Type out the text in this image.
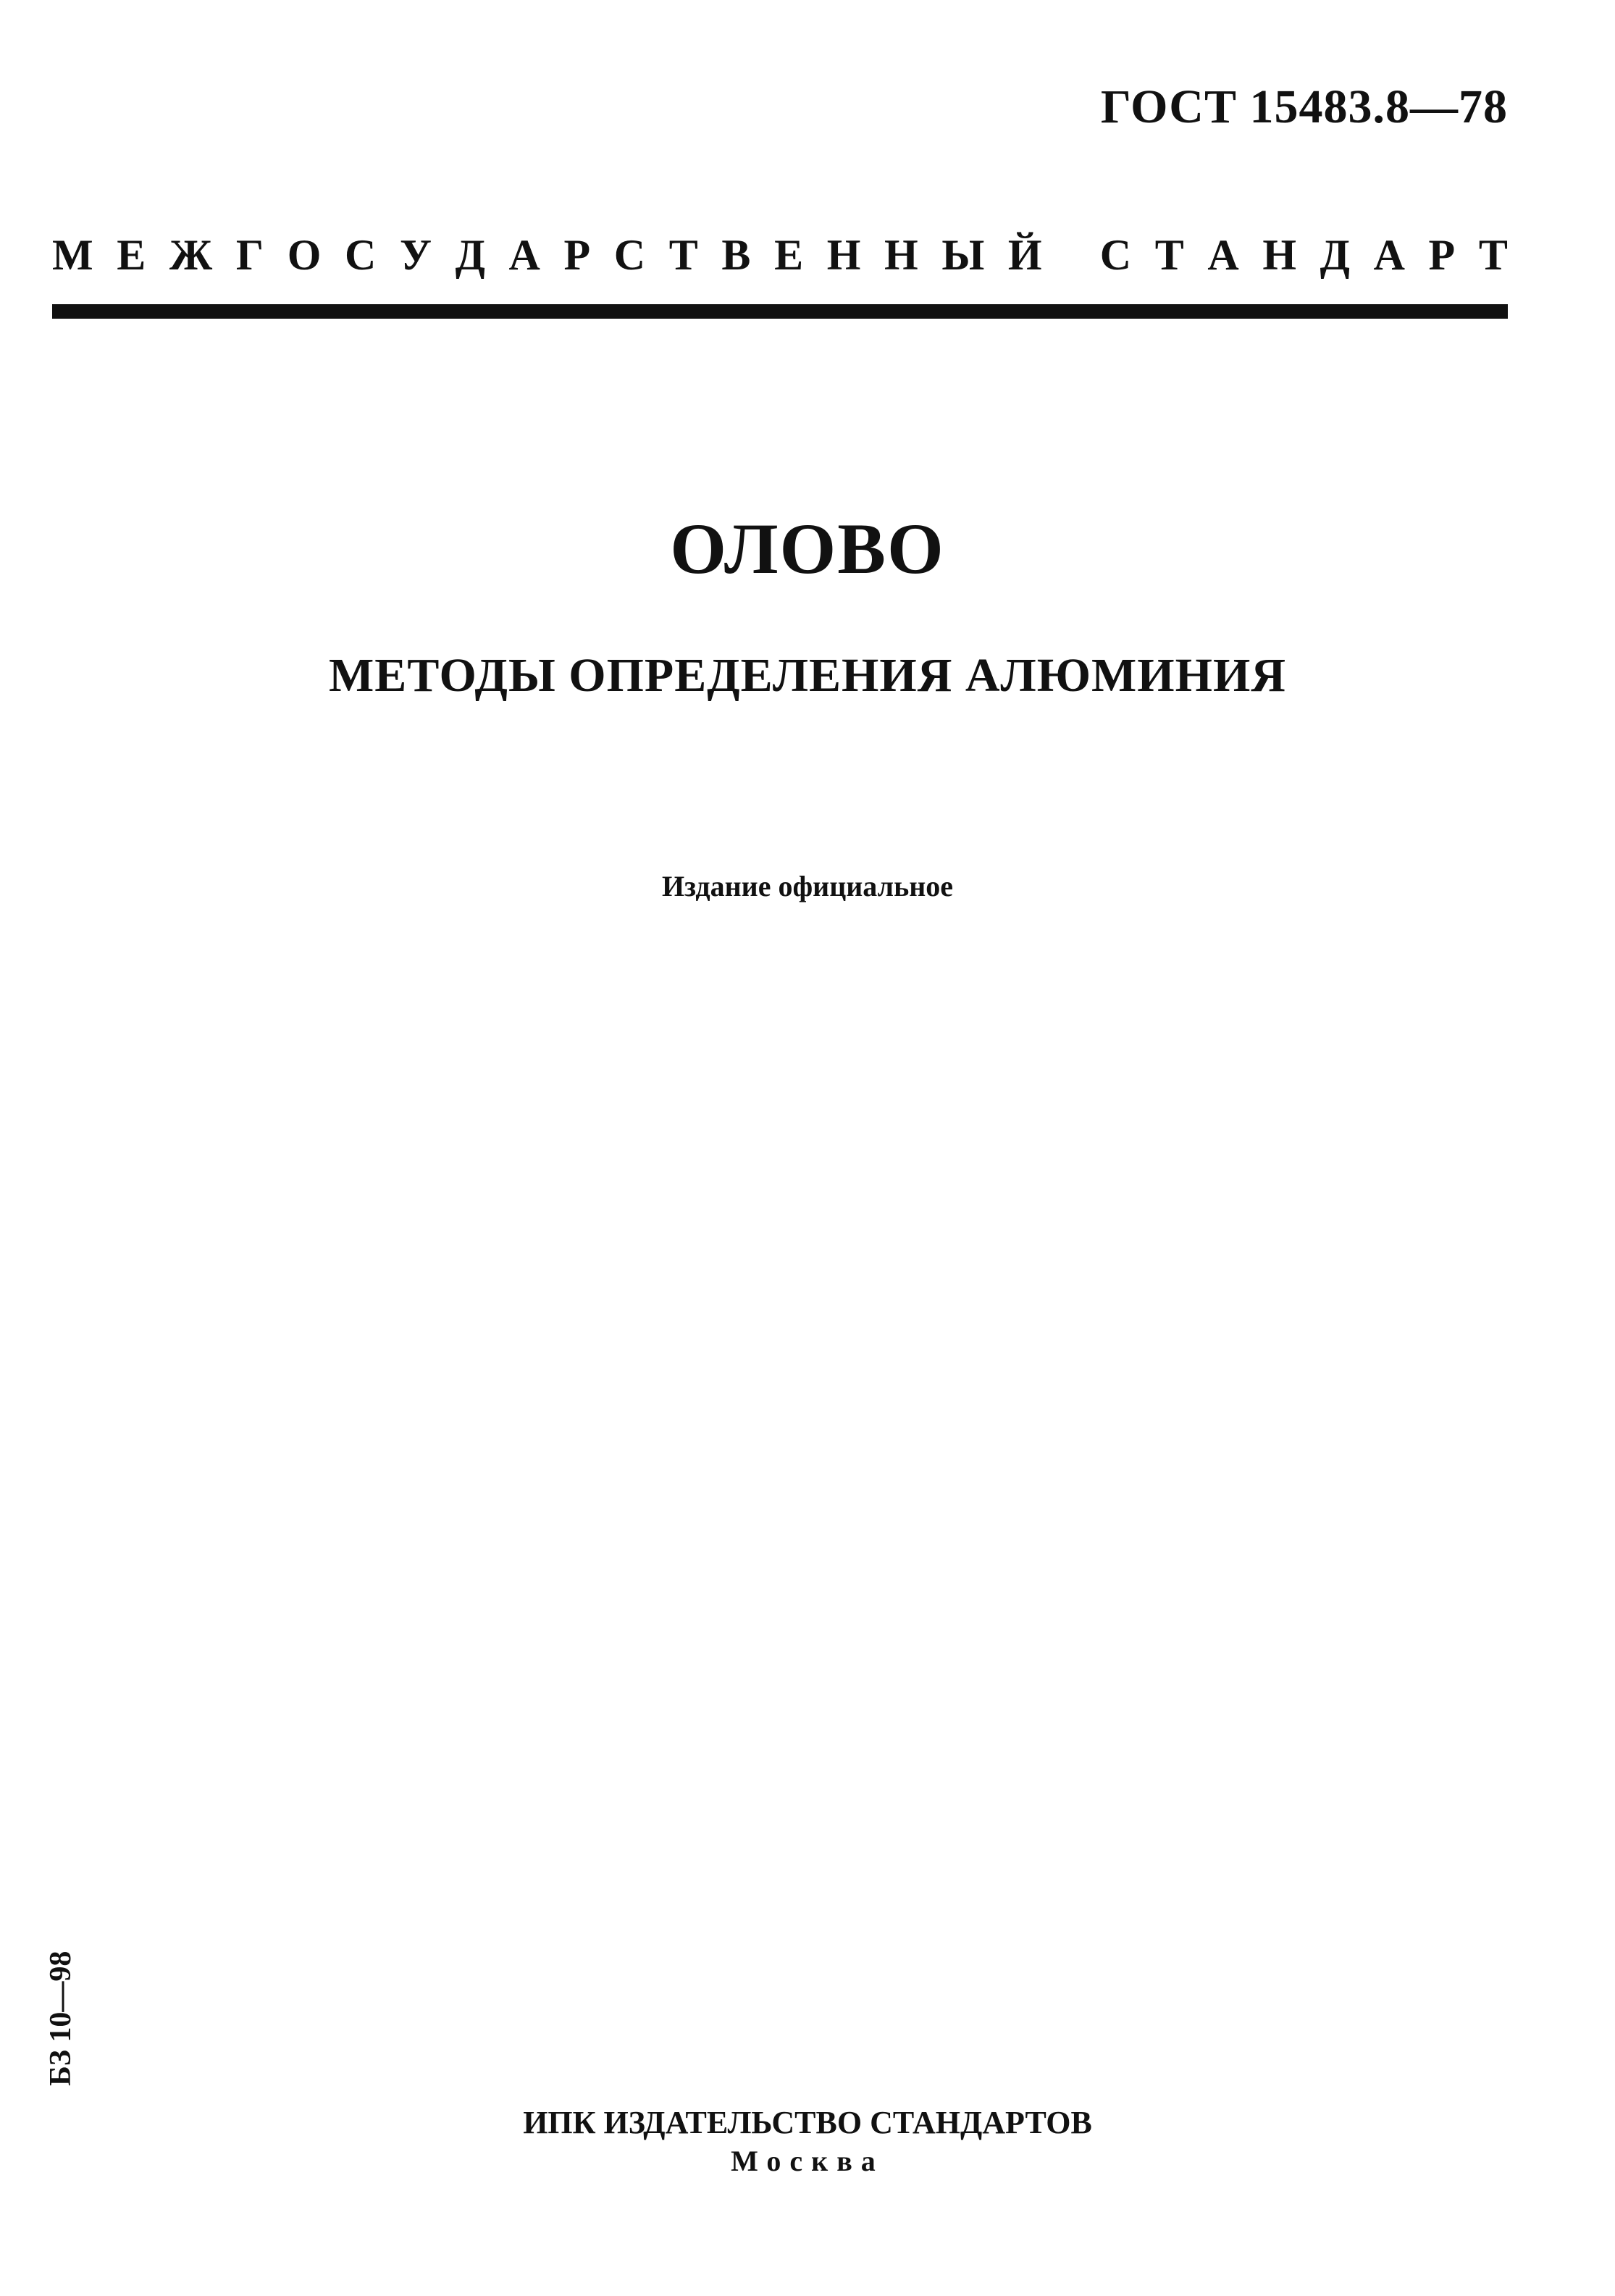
ГОСТ 15483.8—78
М Е Ж Г О С У Д А Р С Т В Е Н Н Ы Й
С Т А Н Д А Р Т
ОЛОВО
МЕТОДЫ ОПРЕДЕЛЕНИЯ АЛЮМИНИЯ
Издание официальное
БЗ 10—98
ИПК ИЗДАТЕЛЬСТВО СТАНДАРТОВ
Москва
